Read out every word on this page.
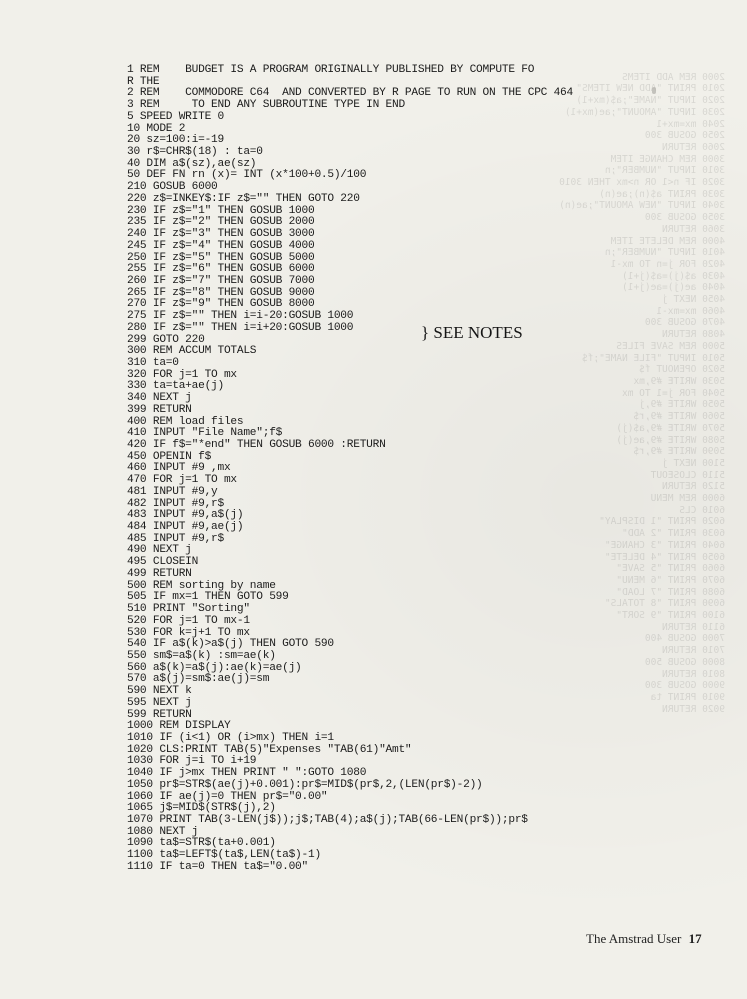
2000 REM ADD ITEMS
2010 PRINT "ADD NEW ITEMS"
2020 INPUT "NAME";a$(mx+1)
2030 INPUT "AMOUNT";ae(mx+1)
2040 mx=mx+1
2050 GOSUB 300
2060 RETURN
3000 REM CHANGE ITEM
3010 INPUT "NUMBER";n
3020 IF n<1 OR n>mx THEN 3010
3030 PRINT a$(n);ae(n)
3040 INPUT "NEW AMOUNT";ae(n)
3050 GOSUB 300
3060 RETURN
4000 REM DELETE ITEM
4010 INPUT "NUMBER";n
4020 FOR j=n TO mx-1
4030 a$(j)=a$(j+1)
4040 ae(j)=ae(j+1)
4050 NEXT j
4060 mx=mx-1
4070 GOSUB 300
4080 RETURN
5000 REM SAVE FILES
5010 INPUT "FILE NAME";f$
5020 OPENOUT f$
5030 WRITE #9,mx
5040 FOR j=1 TO mx
5050 WRITE #9,j
5060 WRITE #9,r$
5070 WRITE #9,a$(j)
5080 WRITE #9,ae(j)
5090 WRITE #9,r$
5100 NEXT j
5110 CLOSEOUT
5120 RETURN
6000 REM MENU
6010 CLS
6020 PRINT "1 DISPLAY"
6030 PRINT "2 ADD"
6040 PRINT "3 CHANGE"
6050 PRINT "4 DELETE"
6060 PRINT "5 SAVE"
6070 PRINT "6 MENU"
6080 PRINT "7 LOAD"
6090 PRINT "8 TOTALS"
6100 PRINT "9 SORT"
6110 RETURN
7000 GOSUB 400
7010 RETURN
8000 GOSUB 500
8010 RETURN
9000 GOSUB 300
9010 PRINT ta
9020 RETURN

1 REM    BUDGET IS A PROGRAM ORIGINALLY PUBLISHED BY COMPUTE FO
R THE
2 REM    COMMODORE C64  AND CONVERTED BY R PAGE TO RUN ON THE CPC 464
3 REM     TO END ANY SUBROUTINE TYPE IN END
5 SPEED WRITE 0
10 MODE 2
20 sz=100:i=-19
30 r$=CHR$(18) : ta=0
40 DIM a$(sz),ae(sz)
50 DEF FN rn (x)= INT (x*100+0.5)/100
210 GOSUB 6000
220 z$=INKEY$:IF z$="" THEN GOTO 220
230 IF z$="1" THEN GOSUB 1000
235 IF z$="2" THEN GOSUB 2000
240 IF z$="3" THEN GOSUB 3000
245 IF z$="4" THEN GOSUB 4000
250 IF z$="5" THEN GOSUB 5000
255 IF z$="6" THEN GOSUB 6000
260 IF z$="7" THEN GOSUB 7000
265 IF z$="8" THEN GOSUB 9000
270 IF z$="9" THEN GOSUB 8000
275 IF z$="" THEN i=i-20:GOSUB 1000
280 IF z$="" THEN i=i+20:GOSUB 1000
299 GOTO 220
300 REM ACCUM TOTALS
310 ta=0
320 FOR j=1 TO mx
330 ta=ta+ae(j)
340 NEXT j
399 RETURN
400 REM load files
410 INPUT "File Name";f$
420 IF f$="*end" THEN GOSUB 6000 :RETURN
450 OPENIN f$
460 INPUT #9 ,mx
470 FOR j=1 TO mx
481 INPUT #9,y
482 INPUT #9,r$
483 INPUT #9,a$(j)
484 INPUT #9,ae(j)
485 INPUT #9,r$
490 NEXT j
495 CLOSEIN
499 RETURN
500 REM sorting by name
505 IF mx=1 THEN GOTO 599
510 PRINT "Sorting"
520 FOR j=1 TO mx-1
530 FOR k=j+1 TO mx
540 IF a$(k)>a$(j) THEN GOTO 590
550 sm$=a$(k) :sm=ae(k)
560 a$(k)=a$(j):ae(k)=ae(j)
570 a$(j)=sm$:ae(j)=sm
590 NEXT k
595 NEXT j
599 RETURN
1000 REM DISPLAY
1010 IF (i<1) OR (i>mx) THEN i=1
1020 CLS:PRINT TAB(5)"Expenses "TAB(61)"Amt"
1030 FOR j=i TO i+19
1040 IF j>mx THEN PRINT " ":GOTO 1080
1050 pr$=STR$(ae(j)+0.001):pr$=MID$(pr$,2,(LEN(pr$)-2))
1060 IF ae(j)=0 THEN pr$="0.00"
1065 j$=MID$(STR$(j),2)
1070 PRINT TAB(3-LEN(j$));j$;TAB(4);a$(j);TAB(66-LEN(pr$));pr$
1080 NEXT j
1090 ta$=STR$(ta+0.001)
1100 ta$=LEFT$(ta$,LEN(ta$)-1)
1110 IF ta=0 THEN ta$="0.00"
} SEE NOTES
The Amstrad User 17
